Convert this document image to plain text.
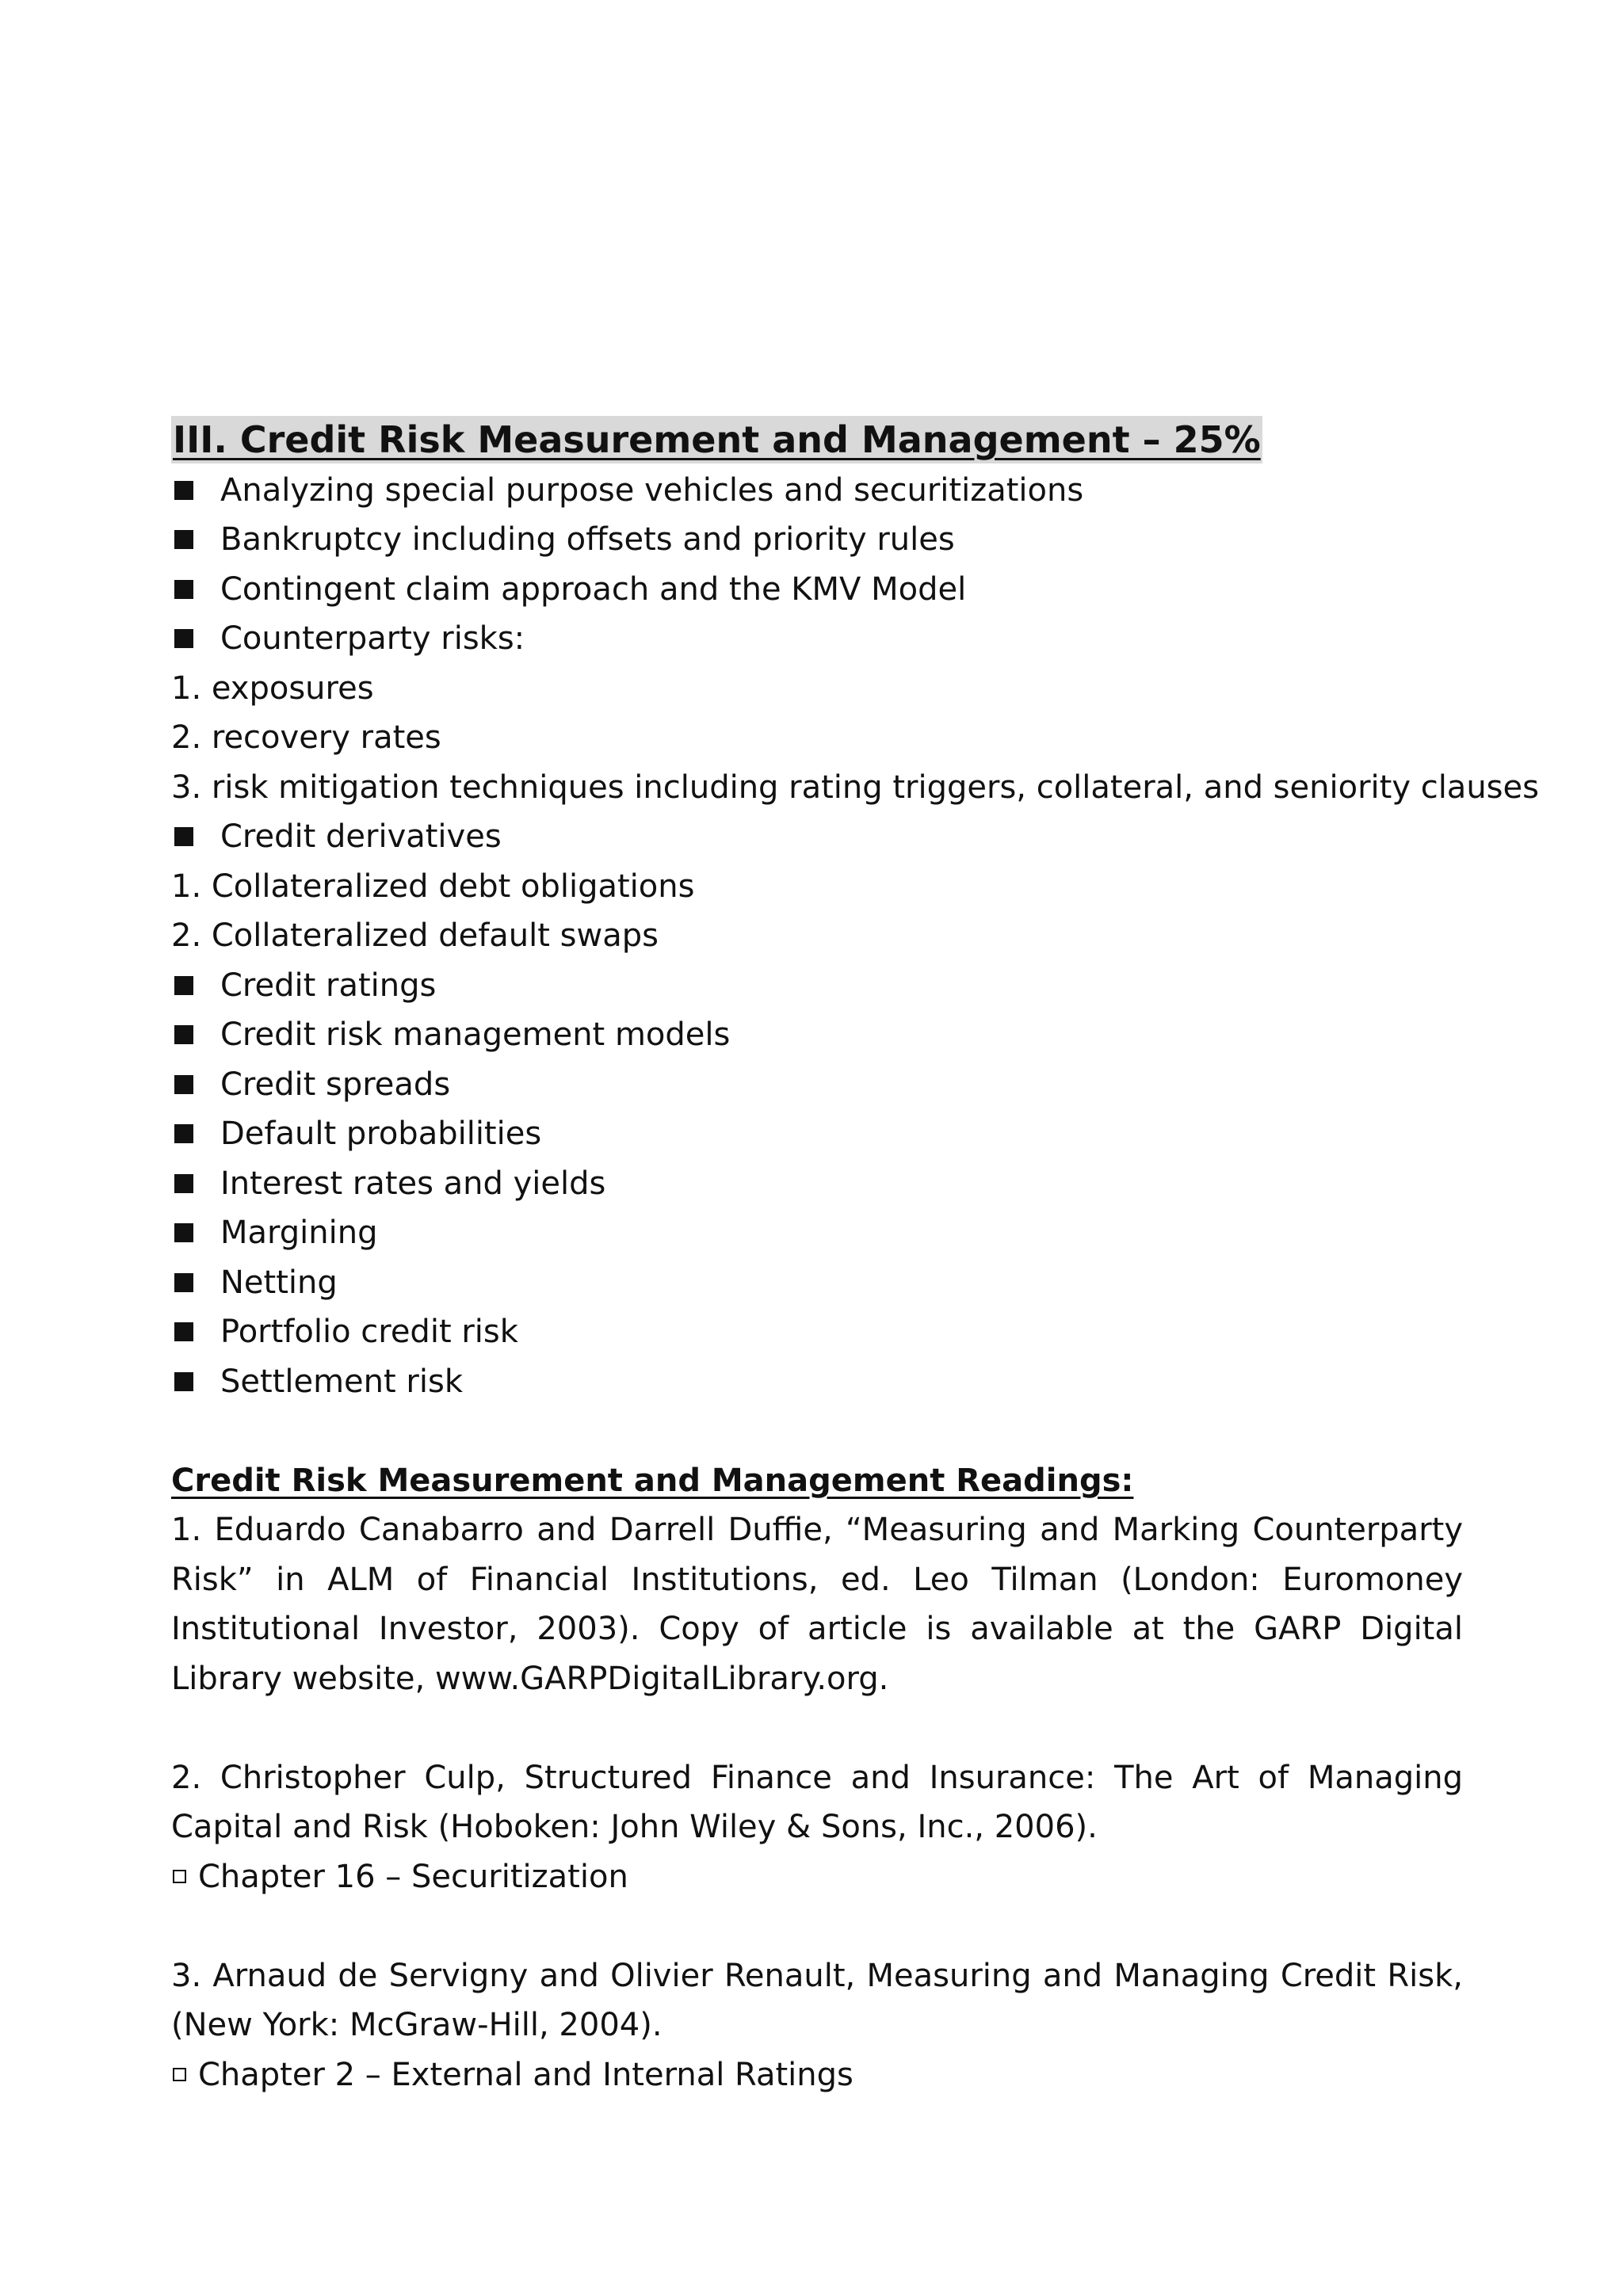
III. Credit Risk Measurement and Management – 25%
Analyzing special purpose vehicles and securitizations
Bankruptcy including offsets and priority rules
Contingent claim approach and the KMV Model
Counterparty risks:
1. exposures
2. recovery rates
3. risk mitigation techniques including rating triggers, collateral, and seniority clauses
Credit derivatives
1. Collateralized debt obligations
2. Collateralized default swaps
Credit ratings
Credit risk management models
Credit spreads
Default probabilities
Interest rates and yields
Margining
Netting
Portfolio credit risk
Settlement risk
Credit Risk Measurement and Management Readings:
1. Eduardo Canabarro and Darrell Duffie, “Measuring and Marking Counterparty Risk” in ALM of Financial Institutions, ed. Leo Tilman (London: Euromoney Institutional Investor, 2003). Copy of article is available at the GARP Digital Library website, www.GARPDigitalLibrary.org.
2. Christopher Culp, Structured Finance and Insurance: The Art of Managing Capital and Risk (Hoboken: John Wiley & Sons, Inc., 2006).
Chapter 16 – Securitization
3. Arnaud de Servigny and Olivier Renault, Measuring and Managing Credit Risk, (New York: McGraw-Hill, 2004).
Chapter 2 – External and Internal Ratings
